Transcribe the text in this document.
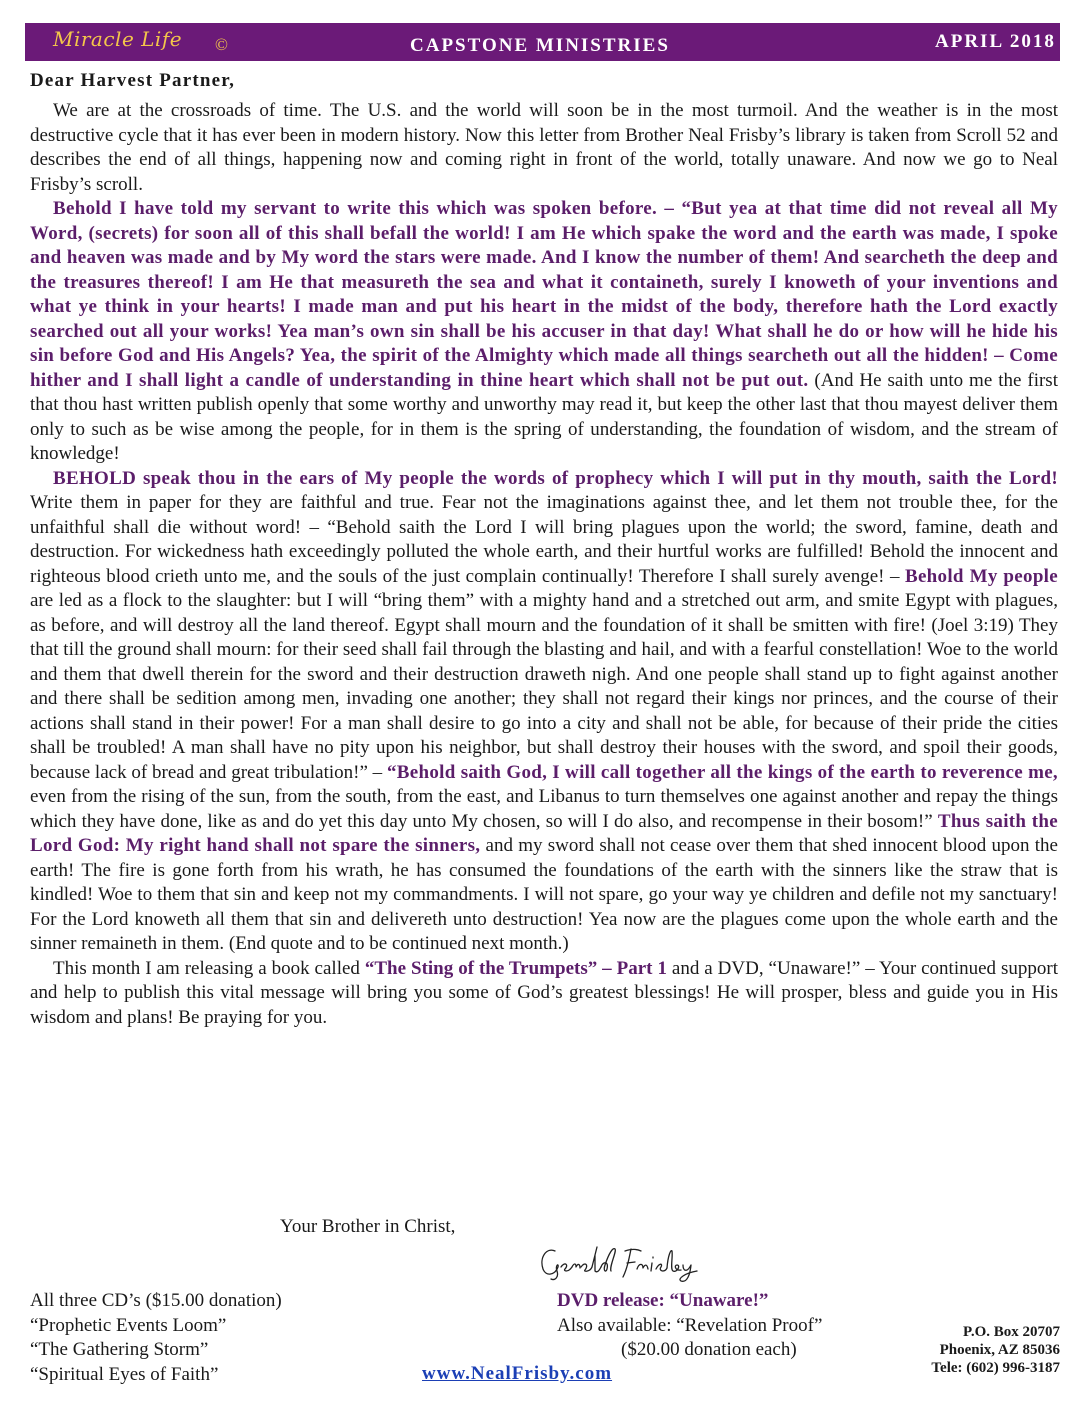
Miracle Life ©	CAPSTONE MINISTRIES	APRIL 2018

Dear Harvest Partner,

We are at the crossroads of time. The U.S. and the world will soon be in the most turmoil. And the weather is in the most destructive cycle that it has ever been in modern history. Now this letter from Brother Neal Frisby’s library is taken from Scroll 52 and describes the end of all things, happening now and coming right in front of the world, totally unaware. And now we go to Neal Frisby’s scroll.

Behold I have told my servant to write this which was spoken before. – “But yea at that time did not reveal all My Word, (secrets) for soon all of this shall befall the world! I am He which spake the word and the earth was made, I spoke and heaven was made and by My word the stars were made. And I know the number of them! And searcheth the deep and the treasures thereof! I am He that measureth the sea and what it containeth, surely I knoweth of your inventions and what ye think in your hearts! I made man and put his heart in the midst of the body, therefore hath the Lord exactly searched out all your works! Yea man’s own sin shall be his accuser in that day! What shall he do or how will he hide his sin before God and His Angels? Yea, the spirit of the Almighty which made all things searcheth out all the hidden! – Come hither and I shall light a candle of understanding in thine heart which shall not be put out. (And He saith unto me the first that thou hast written publish openly that some worthy and unworthy may read it, but keep the other last that thou mayest deliver them only to such as be wise among the people, for in them is the spring of understanding, the foundation of wisdom, and the stream of knowledge!

BEHOLD speak thou in the ears of My people the words of prophecy which I will put in thy mouth, saith the Lord! Write them in paper for they are faithful and true. Fear not the imaginations against thee, and let them not trouble thee, for the unfaithful shall die without word! – “Behold saith the Lord I will bring plagues upon the world; the sword, famine, death and destruction. For wickedness hath exceedingly polluted the whole earth, and their hurtful works are fulfilled! Behold the innocent and righteous blood crieth unto me, and the souls of the just complain continually! Therefore I shall surely avenge! – Behold My people are led as a flock to the slaughter: but I will “bring them” with a mighty hand and a stretched out arm, and smite Egypt with plagues, as before, and will destroy all the land thereof. Egypt shall mourn and the foundation of it shall be smitten with fire! (Joel 3:19) They that till the ground shall mourn: for their seed shall fail through the blasting and hail, and with a fearful constellation! Woe to the world and them that dwell therein for the sword and their destruction draweth nigh. And one people shall stand up to fight against another and there shall be sedition among men, invading one another; they shall not regard their kings nor princes, and the course of their actions shall stand in their power! For a man shall desire to go into a city and shall not be able, for because of their pride the cities shall be troubled! A man shall have no pity upon his neighbor, but shall destroy their houses with the sword, and spoil their goods, because lack of bread and great tribulation!” – “Behold saith God, I will call together all the kings of the earth to reverence me, even from the rising of the sun, from the south, from the east, and Libanus to turn themselves one against another and repay the things which they have done, like as and do yet this day unto My chosen, so will I do also, and recompense in their bosom!” Thus saith the Lord God: My right hand shall not spare the sinners, and my sword shall not cease over them that shed innocent blood upon the earth! The fire is gone forth from his wrath, he has consumed the foundations of the earth with the sinners like the straw that is kindled! Woe to them that sin and keep not my commandments. I will not spare, go your way ye children and defile not my sanctuary! For the Lord knoweth all them that sin and delivereth unto destruction! Yea now are the plagues come upon the whole earth and the sinner remaineth in them. (End quote and to be continued next month.)

This month I am releasing a book called “The Sting of the Trumpets” – Part 1 and a DVD, “Unaware!” – Your continued support and help to publish this vital message will bring you some of God’s greatest blessings! He will prosper, bless and guide you in His wisdom and plans! Be praying for you.

Your Brother in Christ,

All three CD’s ($15.00 donation)
“Prophetic Events Loom”
“The Gathering Storm”
“Spiritual Eyes of Faith”
DVD release: “Unaware!”
Also available: “Revelation Proof”
($20.00 donation each)
www.NealFrisby.com
P.O. Box 20707
Phoenix, AZ 85036
Tele: (602) 996-3187
